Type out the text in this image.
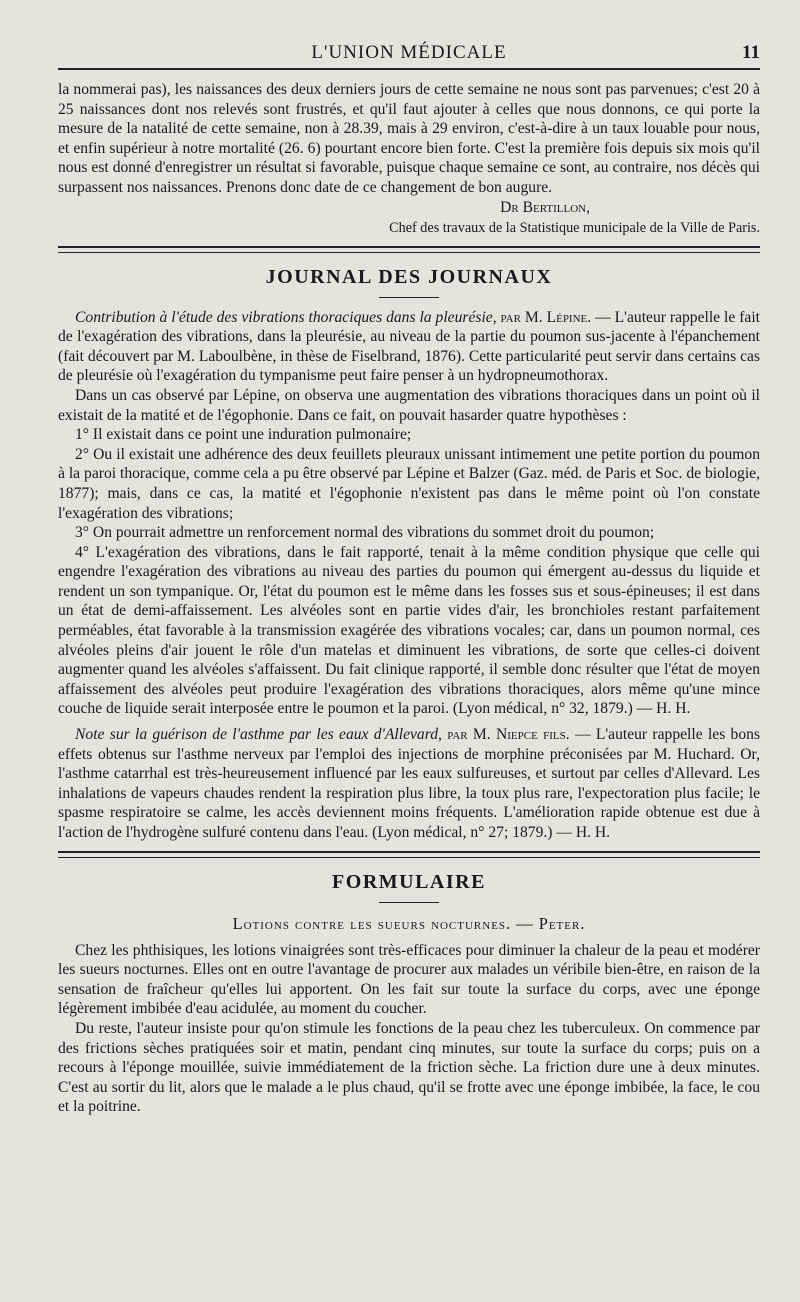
L'UNION MÉDICALE	11

la nommerai pas), les naissances des deux derniers jours de cette semaine ne nous sont pas parvenues; c'est 20 à 25 naissances dont nos relevés sont frustrés, et qu'il faut ajouter à celles que nous donnons, ce qui porte la mesure de la natalité de cette semaine, non à 28.39, mais à 29 environ, c'est-à-dire à un taux louable pour nous, et enfin supérieur à notre mortalité (26. 6) pourtant encore bien forte. C'est la première fois depuis six mois qu'il nous est donné d'enregistrer un résultat si favorable, puisque chaque semaine ce sont, au contraire, nos décès qui surpassent nos naissances. Prenons donc date de ce changement de bon augure.

Dr Bertillon,
Chef des travaux de la Statistique municipale de la Ville de Paris.
JOURNAL DES JOURNAUX

Contribution à l'étude des vibrations thoraciques dans la pleurésie, par M. Lépine. — L'auteur rappelle le fait de l'exagération des vibrations, dans la pleurésie, au niveau de la partie du poumon sus-jacente à l'épanchement (fait découvert par M. Laboulbène, in thèse de Fiselbrand, 1876). Cette particularité peut servir dans certains cas de pleurésie où l'exagération du tympanisme peut faire penser à un hydropneumothorax.

Dans un cas observé par Lépine, on observa une augmentation des vibrations thoraciques dans un point où il existait de la matité et de l'égophonie. Dans ce fait, on pouvait hasarder quatre hypothèses :

1° Il existait dans ce point une induration pulmonaire;

2° Ou il existait une adhérence des deux feuillets pleuraux unissant intimement une petite portion du poumon à la paroi thoracique, comme cela a pu être observé par Lépine et Balzer (Gaz. méd. de Paris et Soc. de biologie, 1877); mais, dans ce cas, la matité et l'égophonie n'existent pas dans le même point où l'on constate l'exagération des vibrations;

3° On pourrait admettre un renforcement normal des vibrations du sommet droit du poumon;

4° L'exagération des vibrations, dans le fait rapporté, tenait à la même condition physique que celle qui engendre l'exagération des vibrations au niveau des parties du poumon qui émergent au-dessus du liquide et rendent un son tympanique. Or, l'état du poumon est le même dans les fosses sus et sous-épineuses; il est dans un état de demi-affaissement. Les alvéoles sont en partie vides d'air, les bronchioles restant parfaitement perméables, état favorable à la transmission exagérée des vibrations vocales; car, dans un poumon normal, ces alvéoles pleins d'air jouent le rôle d'un matelas et diminuent les vibrations, de sorte que celles-ci doivent augmenter quand les alvéoles s'affaissent. Du fait clinique rapporté, il semble donc résulter que l'état de moyen affaissement des alvéoles peut produire l'exagération des vibrations thoraciques, alors même qu'une mince couche de liquide serait interposée entre le poumon et la paroi. (Lyon médical, n° 32, 1879.) — H. H.

Note sur la guérison de l'asthme par les eaux d'Allevard, par M. Niepce fils. — L'auteur rappelle les bons effets obtenus sur l'asthme nerveux par l'emploi des injections de morphine préconisées par M. Huchard. Or, l'asthme catarrhal est très-heureusement influencé par les eaux sulfureuses, et surtout par celles d'Allevard. Les inhalations de vapeurs chaudes rendent la respiration plus libre, la toux plus rare, l'expectoration plus facile; le spasme respiratoire se calme, les accès deviennent moins fréquents. L'amélioration rapide obtenue est due à l'action de l'hydrogène sulfuré contenu dans l'eau. (Lyon médical, n° 27; 1879.) — H. H.

FORMULAIRE
Lotions contre les sueurs nocturnes. — Peter.

Chez les phthisiques, les lotions vinaigrées sont très-efficaces pour diminuer la chaleur de la peau et modérer les sueurs nocturnes. Elles ont en outre l'avantage de procurer aux malades un véribile bien-être, en raison de la sensation de fraîcheur qu'elles lui apportent. On les fait sur toute la surface du corps, avec une éponge légèrement imbibée d'eau acidulée, au moment du coucher.

Du reste, l'auteur insiste pour qu'on stimule les fonctions de la peau chez les tuberculeux. On commence par des frictions sèches pratiquées soir et matin, pendant cinq minutes, sur toute la surface du corps; puis on a recours à l'éponge mouillée, suivie immédiatement de la friction sèche. La friction dure une à deux minutes. C'est au sortir du lit, alors que le malade a le plus chaud, qu'il se frotte avec une éponge imbibée, la face, le cou et la poitrine.
